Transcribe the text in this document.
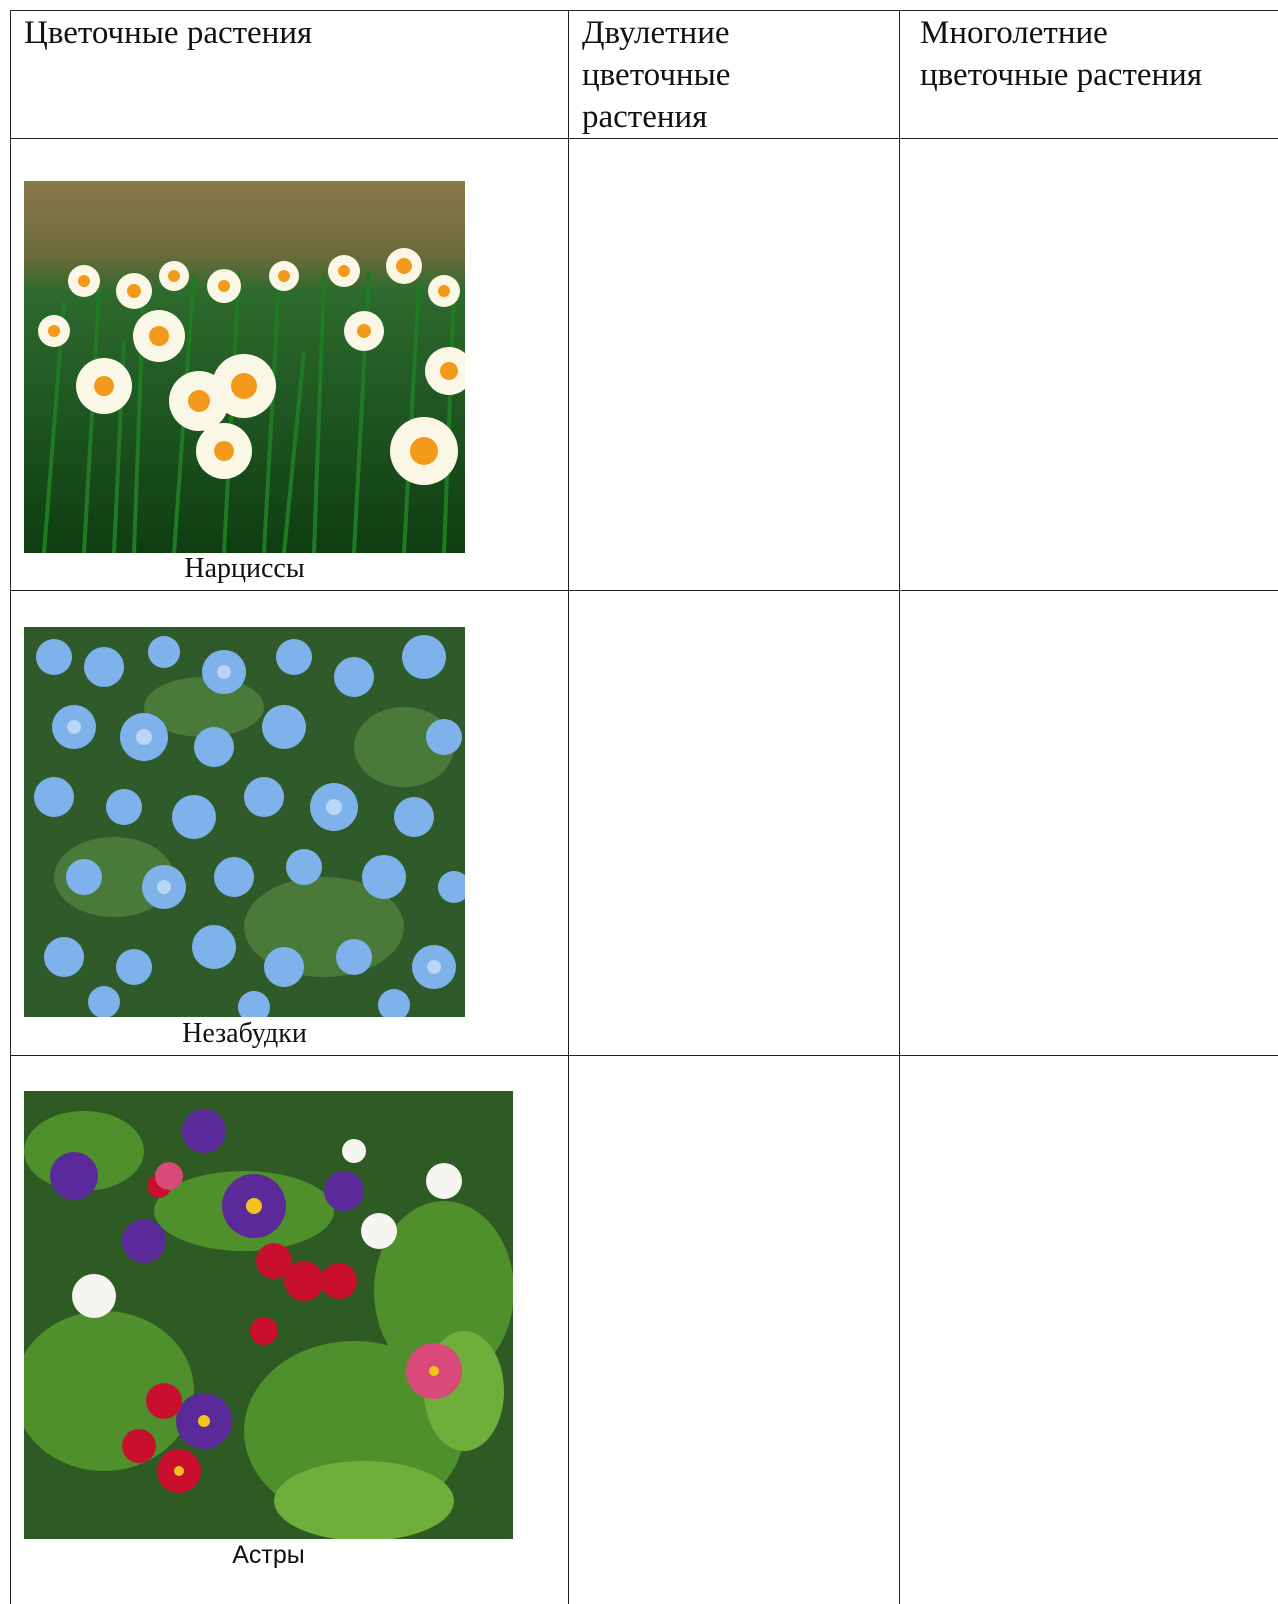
Цветочные растения	Двулетние
цветочные
растения
Многолетние
цветочные растения
Нарциссы
Незабудки
Астры
